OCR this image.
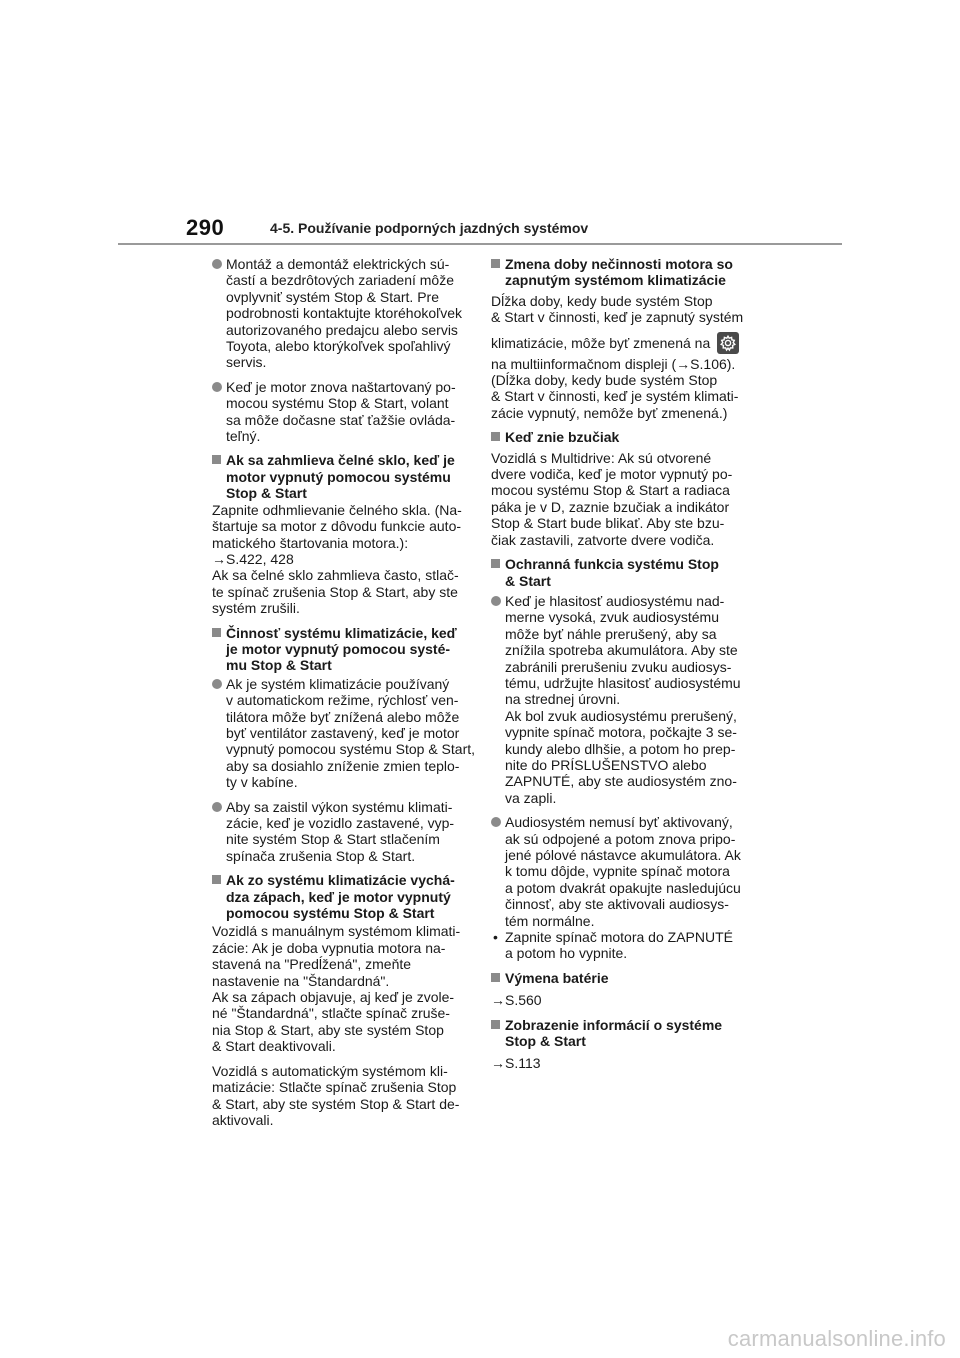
290	4-5. Používanie podporných jazdných systémov
Montáž a demontáž elektrických sú-
častí a bezdrôtových zariadení môže
ovplyvniť systém Stop & Start. Pre
podrobnosti kontaktujte ktoréhokoľvek
autorizovaného predajcu alebo servis
Toyota, alebo ktorýkoľvek spoľahlivý
servis.
Keď je motor znova naštartovaný po-
mocou systému Stop & Start, volant
sa môže dočasne stať ťažšie ovláda-
teľný.
Ak sa zahmlieva čelné sklo, keď je
motor vypnutý pomocou systému
Stop & Start
Zapnite odhmlievanie čelného skla. (Na-
štartuje sa motor z dôvodu funkcie auto-
matického štartovania motora.):
→S.422, 428
Ak sa čelné sklo zahmlieva často, stlač-
te spínač zrušenia Stop & Start, aby ste
systém zrušili.
Činnosť systému klimatizácie, keď
je motor vypnutý pomocou systé-
mu Stop & Start
Ak je systém klimatizácie používaný
v automatickom režime, rýchlosť ven-
tilátora môže byť znížená alebo môže
byť ventilátor zastavený, keď je motor
vypnutý pomocou systému Stop & Start,
aby sa dosiahlo zníženie zmien teplo-
ty v kabíne.
Aby sa zaistil výkon systému klimati-
zácie, keď je vozidlo zastavené, vyp-
nite systém Stop & Start stlačením
spínača zrušenia Stop & Start.
Ak zo systému klimatizácie vychá-
dza zápach, keď je motor vypnutý
pomocou systému Stop & Start
Vozidlá s manuálnym systémom klimati-
zácie: Ak je doba vypnutia motora na-
stavená na "Predĺžená", zmeňte
nastavenie na "Štandardná".
Ak sa zápach objavuje, aj keď je zvole-
né "Štandardná", stlačte spínač zruše-
nia Stop & Start, aby ste systém Stop
& Start deaktivovali.
Vozidlá s automatickým systémom kli-
matizácie: Stlačte spínač zrušenia Stop
& Start, aby ste systém Stop & Start de-
aktivovali.
Zmena doby nečinnosti motora so
zapnutým systémom klimatizácie
Dĺžka doby, kedy bude systém Stop
& Start v činnosti, keď je zapnutý systém
klimatizácie, môže byť zmenená na
na multiinformačnom displeji (→S.106).
(Dĺžka doby, kedy bude systém Stop
& Start v činnosti, keď je systém klimati-
zácie vypnutý, nemôže byť zmenená.)
Keď znie bzučiak
Vozidlá s Multidrive: Ak sú otvorené
dvere vodiča, keď je motor vypnutý po-
mocou systému Stop & Start a radiaca
páka je v D, zaznie bzučiak a indikátor
Stop & Start bude blikať. Aby ste bzu-
čiak zastavili, zatvorte dvere vodiča.
Ochranná funkcia systému Stop
& Start
Keď je hlasitosť audiosystému nad-
merne vysoká, zvuk audiosystému
môže byť náhle prerušený, aby sa
znížila spotreba akumulátora. Aby ste
zabránili prerušeniu zvuku audiosys-
tému, udržujte hlasitosť audiosystému
na strednej úrovni.
Ak bol zvuk audiosystému prerušený,
vypnite spínač motora, počkajte 3 se-
kundy alebo dlhšie, a potom ho prep-
nite do PRÍSLUŠENSTVO alebo
ZAPNUTÉ, aby ste audiosystém zno-
va zapli.
Audiosystém nemusí byť aktivovaný,
ak sú odpojené a potom znova pripo-
jené pólové nástavce akumulátora. Ak
k tomu dôjde, vypnite spínač motora
a potom dvakrát opakujte nasledujúcu
činnosť, aby ste aktivovali audiosys-
tém normálne.
• Zapnite spínač motora do ZAPNUTÉ
a potom ho vypnite.
Výmena batérie
→S.560
Zobrazenie informácií o systéme
Stop & Start
→S.113
carmanualsonline.info
